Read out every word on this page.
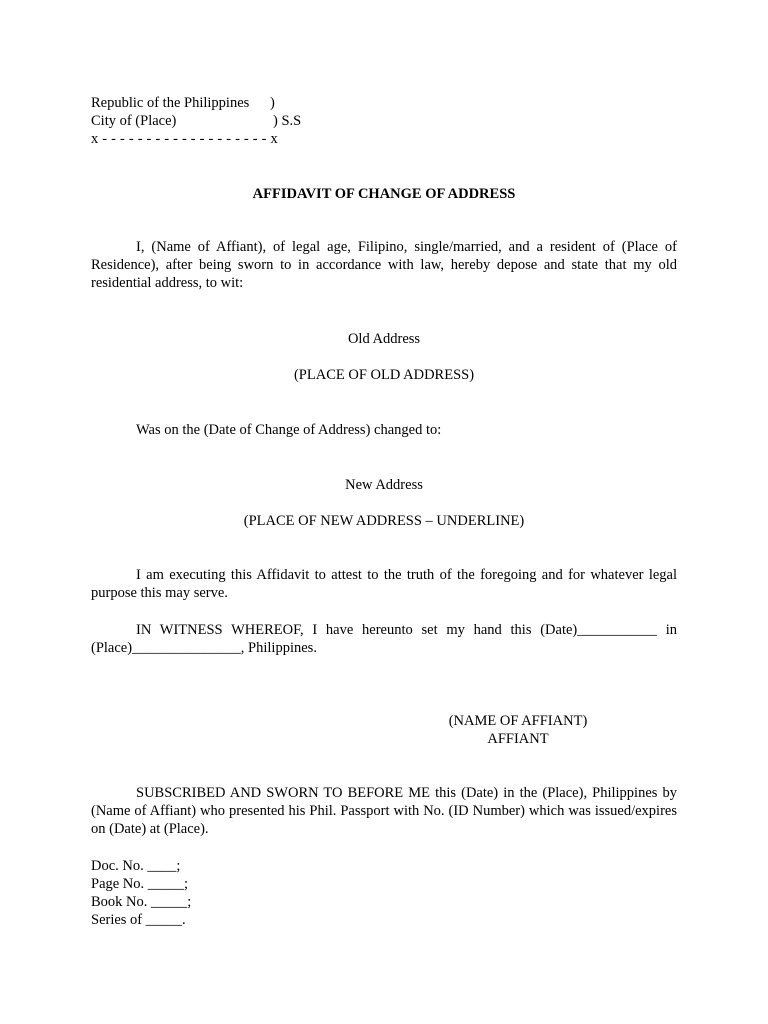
Republic of the Philippines )
City of (Place)	) S.S
x - - - - - - - - - - - - - - - - - - - x
AFFIDAVIT OF CHANGE OF ADDRESS
I, (Name of Affiant), of legal age, Filipino, single/married, and a resident of (Place of Residence), after being sworn to in accordance with law, hereby depose and state that my old residential address, to wit:
Old Address
(PLACE OF OLD ADDRESS)
Was on the (Date of Change of Address) changed to:
New Address
(PLACE OF NEW ADDRESS – UNDERLINE)
I am executing this Affidavit to attest to the truth of the foregoing and for whatever legal purpose this may serve.
IN WITNESS WHEREOF, I have hereunto set my hand this (Date)___________ in (Place)_______________, Philippines.
(NAME OF AFFIANT)
AFFIANT
SUBSCRIBED AND SWORN TO BEFORE ME this (Date) in the (Place), Philippines by (Name of Affiant) who presented his Phil. Passport with No. (ID Number) which was issued/expires on (Date) at (Place).
Doc. No. ____;
Page No. _____;
Book No. _____;
Series of _____.
